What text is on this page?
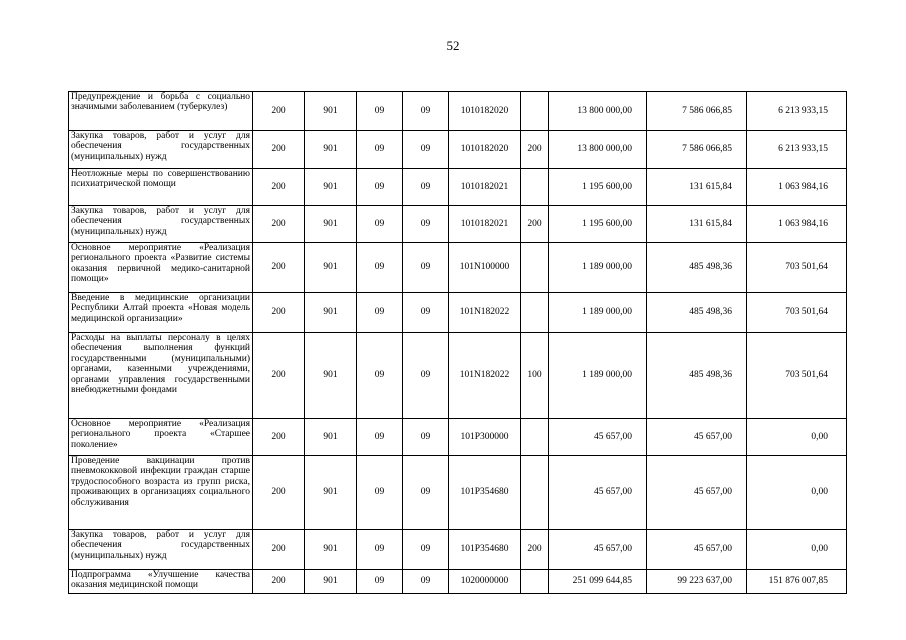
52
Предупреждение и борьба с социально значимыми заболеванием (туберкулез)	200	901	09	09	1010182020		13 800 000,00	7 586 066,85	6 213 933,15
Закупка товаров, работ и услуг для обеспечения государственных (муниципальных) нужд	200	901	09	09	1010182020	200	13 800 000,00	7 586 066,85	6 213 933,15
Неотложные меры по совершенствованию психиатрической помощи	200	901	09	09	1010182021		1 195 600,00	131 615,84	1 063 984,16
Закупка товаров, работ и услуг для обеспечения государственных (муниципальных) нужд	200	901	09	09	1010182021	200	1 195 600,00	131 615,84	1 063 984,16
Основное мероприятие «Реализация регионального проекта «Развитие системы оказания первичной медико-санитарной помощи»	200	901	09	09	101N100000		1 189 000,00	485 498,36	703 501,64
Введение в медицинские организации Республики Алтай проекта «Новая модель медицинской организации»	200	901	09	09	101N182022		1 189 000,00	485 498,36	703 501,64
Расходы на выплаты персоналу в целях обеспечения выполнения функций государственными (муниципальными) органами, казенными учреждениями, органами управления государственными внебюджетными фондами	200	901	09	09	101N182022	100	1 189 000,00	485 498,36	703 501,64
Основное мероприятие «Реализация регионального проекта «Старшее поколение»	200	901	09	09	101P300000		45 657,00	45 657,00	0,00
Проведение вакцинации против пневмококковой инфекции граждан старше трудоспособного возраста из групп риска, проживающих в организациях социального обслуживания	200	901	09	09	101P354680		45 657,00	45 657,00	0,00
Закупка товаров, работ и услуг для обеспечения государственных (муниципальных) нужд	200	901	09	09	101P354680	200	45 657,00	45 657,00	0,00
Подпрограмма «Улучшение качества оказания медицинской помощи	200	901	09	09	1020000000		251 099 644,85	99 223 637,00	151 876 007,85
